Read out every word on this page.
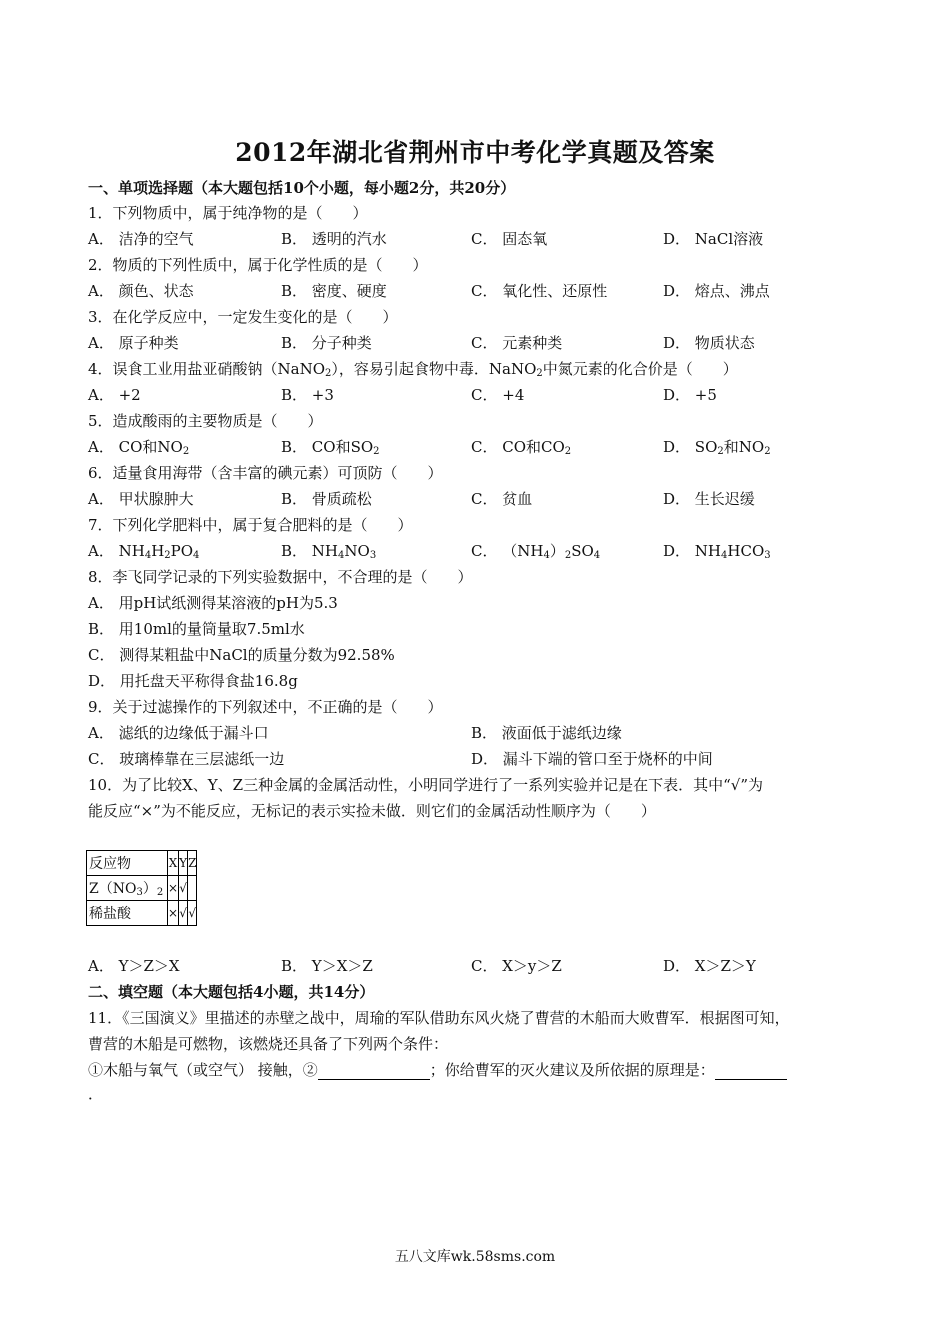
2012年湖北省荆州市中考化学真题及答案
一、单项选择题（本大题包括10个小题，每小题2分，共20分）
1．下列物质中，属于纯净物的是（　　）
A． 洁净的空气	B． 透明的汽水	C． 固态氧	D． NaCl溶液
2．物质的下列性质中，属于化学性质的是（　　）
A． 颜色、状态	B． 密度、硬度	C． 氧化性、还原性	D． 熔点、沸点
3．在化学反应中，一定发生变化的是（　　）
A． 原子种类	B． 分子种类	C． 元素种类	D． 物质状态
4．误食工业用盐亚硝酸钠（NaNO$_2$），容易引起食物中毒．NaNO$_2$中氮元素的化合价是（　　）
A． +2	B． +3	C． +4	D． +5
5．造成酸雨的主要物质是（　　）
A． CO和$NO_2$	B． CO和$SO_2$	C． CO和$CO_2$	D． $SO_2$和$NO_2$
6．适量食用海带（含丰富的碘元素）可顶防（　　）
A． 甲状腺肿大	B． 骨质疏松	C． 贫血	D． 生长迟缓
7．下列化学肥料中，属于复合肥料的是（　　）
A． $NH_4H_2PO_4$	B． $NH_4NO_3$	C． $(NH_4)_2SO_4$	D． $NH_4HCO_3$
8．李飞同学记录的下列实验数据中，不合理的是（　　）
A． 用pH试纸测得某溶液的pH为5.3
B． 用10ml的量筒量取7.5ml水
C． 测得某粗盐中NaCl的质量分数为92.58%
D． 用托盘天平称得食盐16.8g
9．关于过滤操作的下列叙述中，不正确的是（　　）
A． 滤纸的边缘低于漏斗口	B． 液面低于滤纸边缘
C． 玻璃棒靠在三层滤纸一边	D． 漏斗下端的管口至于烧杯的中间
10．为了比较X、Y、Z三种金属的金属活动性，小明同学进行了一系列实验并记是在下表．其中“√”为
能反应“×”为不能反应，无标记的表示实捡未做．则它们的金属活动性顺序为（　　）
反应物	X	Y	Z
$Z(NO_3)_2$	×	√	
稀盐酸	×	√	√
A． Y＞Z＞X	B． Y＞X＞Z	C． X＞y＞Z	D． X＞Z＞Y
二、填空题（本大题包括4小题，共14分）
11．《三国演义》里描述的赤壁之战中，周瑜的军队借助东风火烧了曹营的木船而大败曹军．根据图可知，
曹营的木船是可燃物，该燃烧还具备了下列两个条件：
①木船与氧气（或空气） 接触，②	；你给曹军的灭火建议及所依据的原理是：
．
五八文库wk.58sms.com
